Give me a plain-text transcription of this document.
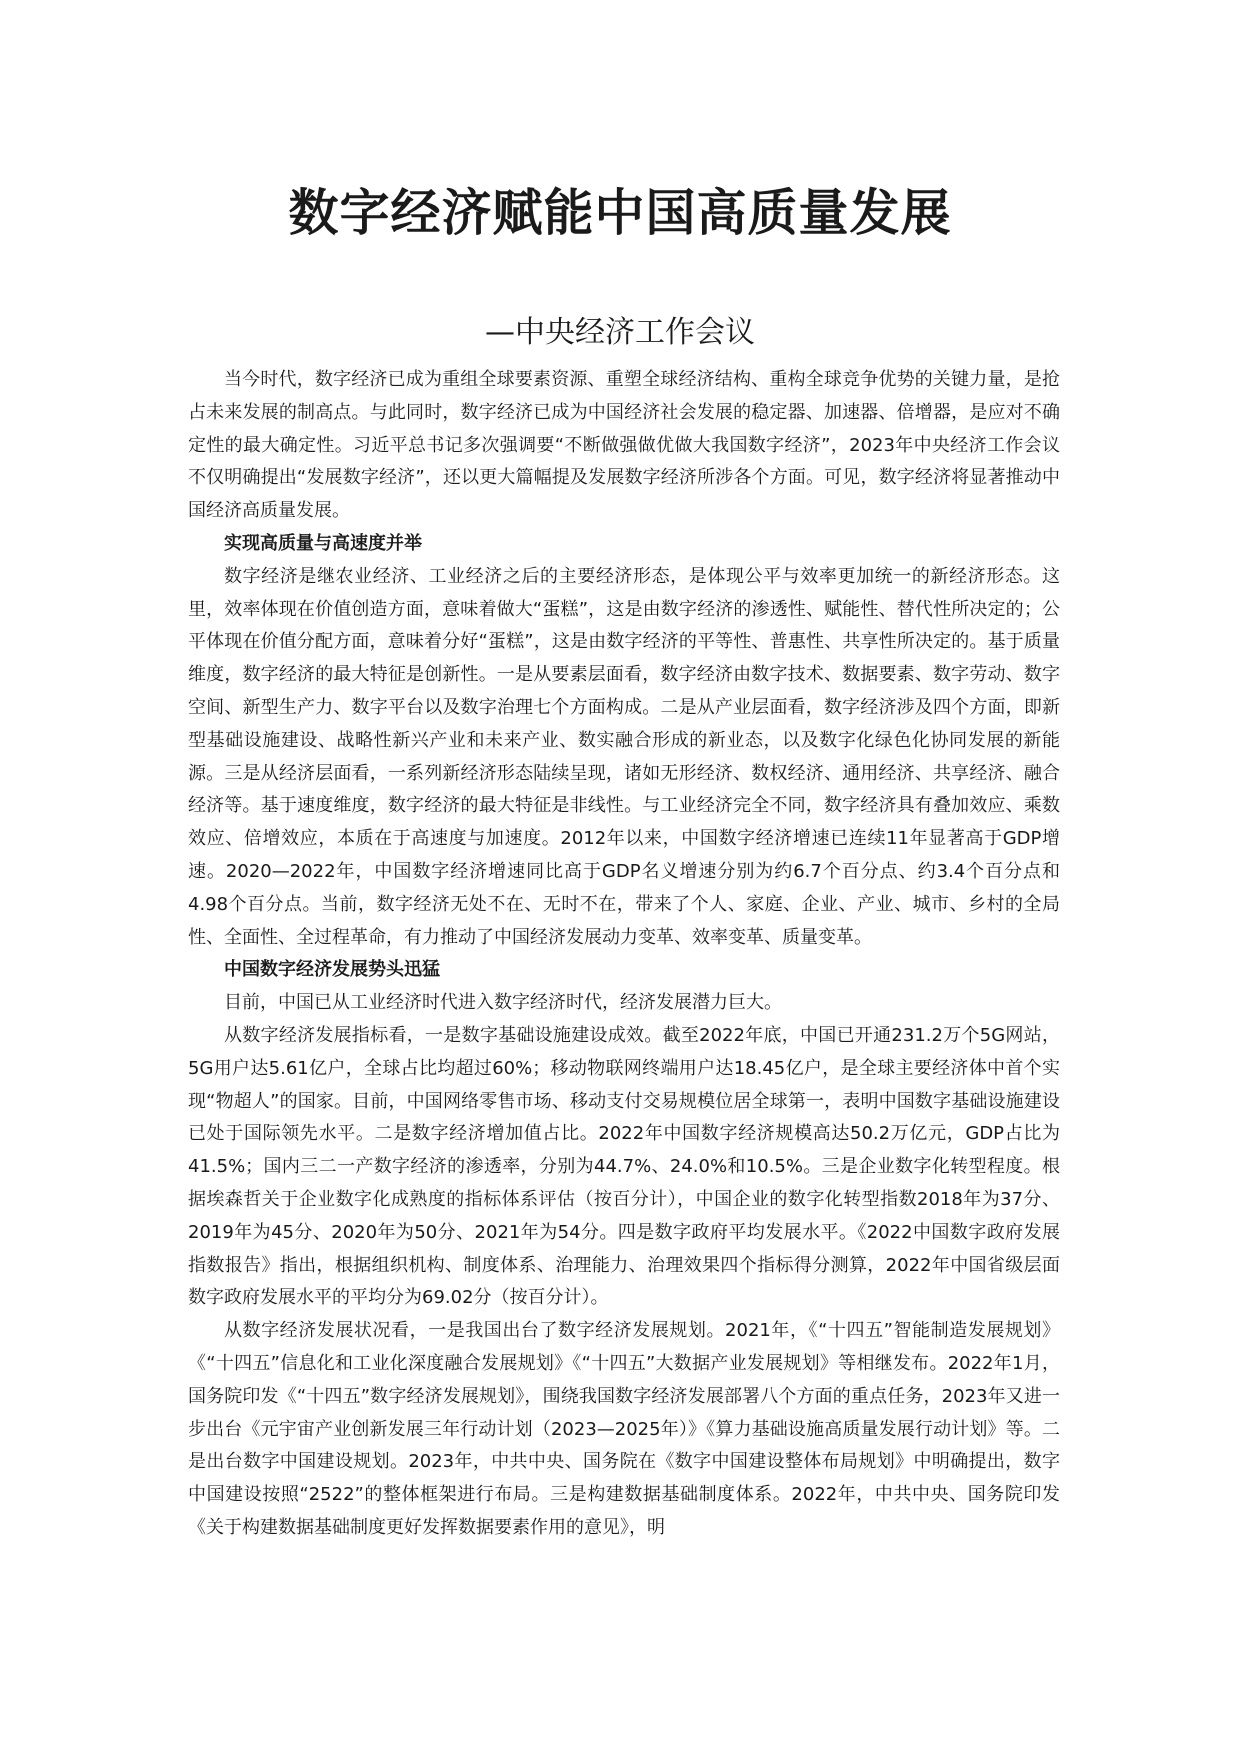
数字经济赋能中国高质量发展
—中央经济工作会议

当今时代，数字经济已成为重组全球要素资源、重塑全球经济结构、重构全球竞争优势的关键力量，是抢占未来发展的制高点。与此同时，数字经济已成为中国经济社会发展的稳定器、加速器、倍增器，是应对不确定性的最大确定性。习近平总书记多次强调要“不断做强做优做大我国数字经济”，2023年中央经济工作会议不仅明确提出“发展数字经济”，还以更大篇幅提及发展数字经济所涉各个方面。可见，数字经济将显著推动中国经济高质量发展。

实现高质量与高速度并举

数字经济是继农业经济、工业经济之后的主要经济形态，是体现公平与效率更加统一的新经济形态。这里，效率体现在价值创造方面，意味着做大“蛋糕”，这是由数字经济的渗透性、赋能性、替代性所决定的；公平体现在价值分配方面，意味着分好“蛋糕”，这是由数字经济的平等性、普惠性、共享性所决定的。基于质量维度，数字经济的最大特征是创新性。一是从要素层面看，数字经济由数字技术、数据要素、数字劳动、数字空间、新型生产力、数字平台以及数字治理七个方面构成。二是从产业层面看，数字经济涉及四个方面，即新型基础设施建设、战略性新兴产业和未来产业、数实融合形成的新业态，以及数字化绿色化协同发展的新能源。三是从经济层面看，一系列新经济形态陆续呈现，诸如无形经济、数权经济、通用经济、共享经济、融合经济等。基于速度维度，数字经济的最大特征是非线性。与工业经济完全不同，数字经济具有叠加效应、乘数效应、倍增效应，本质在于高速度与加速度。2012年以来，中国数字经济增速已连续11年显著高于GDP增速。2020—2022年，中国数字经济增速同比高于GDP名义增速分别为约6.7个百分点、约3.4个百分点和4.98个百分点。当前，数字经济无处不在、无时不在，带来了个人、家庭、企业、产业、城市、乡村的全局性、全面性、全过程革命，有力推动了中国经济发展动力变革、效率变革、质量变革。

中国数字经济发展势头迅猛

目前，中国已从工业经济时代进入数字经济时代，经济发展潜力巨大。

从数字经济发展指标看，一是数字基础设施建设成效。截至2022年底，中国已开通231.2万个5G网站，5G用户达5.61亿户，全球占比均超过60%；移动物联网终端用户达18.45亿户，是全球主要经济体中首个实现“物超人”的国家。目前，中国网络零售市场、移动支付交易规模位居全球第一，表明中国数字基础设施建设已处于国际领先水平。二是数字经济增加值占比。2022年中国数字经济规模高达50.2万亿元，GDP占比为41.5%；国内三二一产数字经济的渗透率，分别为44.7%、24.0%和10.5%。三是企业数字化转型程度。根据埃森哲关于企业数字化成熟度的指标体系评估（按百分计），中国企业的数字化转型指数2018年为37分、2019年为45分、2020年为50分、2021年为54分。四是数字政府平均发展水平。《2022中国数字政府发展指数报告》指出，根据组织机构、制度体系、治理能力、治理效果四个指标得分测算，2022年中国省级层面数字政府发展水平的平均分为69.02分（按百分计）。

从数字经济发展状况看，一是我国出台了数字经济发展规划。2021年，《“十四五”智能制造发展规划》《“十四五”信息化和工业化深度融合发展规划》《“十四五”大数据产业发展规划》等相继发布。2022年1月，国务院印发《“十四五”数字经济发展规划》，围绕我国数字经济发展部署八个方面的重点任务，2023年又进一步出台《元宇宙产业创新发展三年行动计划（2023—2025年）》《算力基础设施高质量发展行动计划》等。二是出台数字中国建设规划。2023年，中共中央、国务院在《数字中国建设整体布局规划》中明确提出，数字中国建设按照“2522”的整体框架进行布局。三是构建数据基础制度体系。2022年，中共中央、国务院印发《关于构建数据基础制度更好发挥数据要素作用的意见》，明
